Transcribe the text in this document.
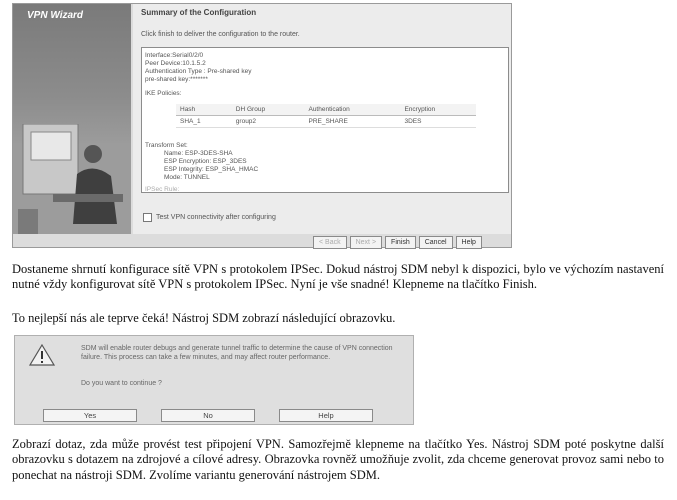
VPN Wizard	Summary of the Configuration
Click finish to deliver the configuration to the router.
Interface:Serial0/2/0
Peer Device:10.1.5.2
Authentication Type : Pre-shared key
pre-shared key:*******
IKE Policies:
Hash	DH Group	Authentication	Encryption
SHA_1	group2	PRE_SHARE	3DES
Transform Set:
Name: ESP-3DES-SHA
ESP Encryption: ESP_3DES
ESP Integrity: ESP_SHA_HMAC
Mode: TUNNEL
IPSec Rule:
Test VPN connectivity after configuring
< Back	Next >	Finish	Cancel	Help
Dostaneme shrnutí konfigurace sítě VPN s protokolem IPSec. Dokud nástroj SDM nebyl k dispozici, bylo ve výchozím nastavení nutné vždy konfigurovat sítě VPN s protokolem IPSec. Nyní je vše snadné! Klepneme na tlačítko Finish.
To nejlepší nás ale teprve čeká! Nástroj SDM zobrazí následující obrazovku.
SDM will enable router debugs and generate tunnel traffic to determine the cause of VPN connection failure. This process can take a few minutes, and may affect router performance.
Do you want to continue ?
Yes	No	Help
Zobrazí dotaz, zda může provést test připojení VPN. Samozřejmě klepneme na tlačítko Yes. Nástroj SDM poté poskytne další obrazovku s dotazem na zdrojové a cílové adresy. Obrazovka rovněž umožňuje zvolit, zda chceme generovat provoz sami nebo to ponechat na nástroji SDM. Zvolíme variantu generování nástrojem SDM.
